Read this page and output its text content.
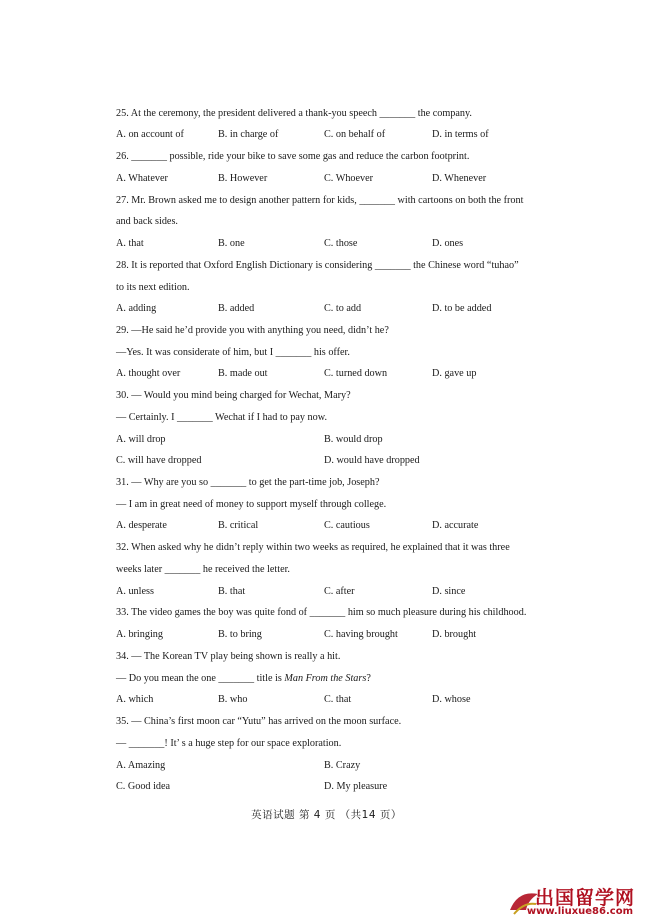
25. At the ceremony, the president delivered a thank-you speech _______ the company.
A. on account of	B. in charge of	C. on behalf of	D. in terms of
26. _______ possible, ride your bike to save some gas and reduce the carbon footprint.
A. Whatever	B. However	C. Whoever	D. Whenever
27. Mr. Brown asked me to design another pattern for kids, _______ with cartoons on both the front
and back sides.
A. that	B. one	C. those	D. ones
28. It is reported that Oxford English Dictionary is considering _______ the Chinese word “tuhao”
to its next edition.
A. adding	B. added	C. to add	D. to be added
29. —He said he’d provide you with anything you need, didn’t he?
—Yes. It was considerate of him, but I _______ his offer.
A. thought over	B. made out	C. turned down	D. gave up
30. — Would you mind being charged for Wechat, Mary?
— Certainly. I _______ Wechat if I had to pay now.
A. will drop	B. would drop
C. will have dropped	D. would have dropped
31. — Why are you so _______ to get the part-time job, Joseph?
— I am in great need of money to support myself through college.
A. desperate	B. critical	C. cautious	D. accurate
32. When asked why he didn’t reply within two weeks as required, he explained that it was three
weeks later _______ he received the letter.
A. unless	B. that	C. after	D. since
33. The video games the boy was quite fond of _______ him so much pleasure during his childhood.
A. bringing	B. to bring	C. having brought	D. brought
34. — The Korean TV play being shown is really a hit.
— Do you mean the one _______ title is Man From the Stars?
A. which	B. who	C. that	D. whose
35. — China’s first moon car “Yutu” has arrived on the moon surface.
— _______! It’ s a huge step for our space exploration.
A. Amazing	B. Crazy
C. Good idea	D. My pleasure
英语试题 第 4 页 （共14 页）
出国留学网
www.liuxue86.com
